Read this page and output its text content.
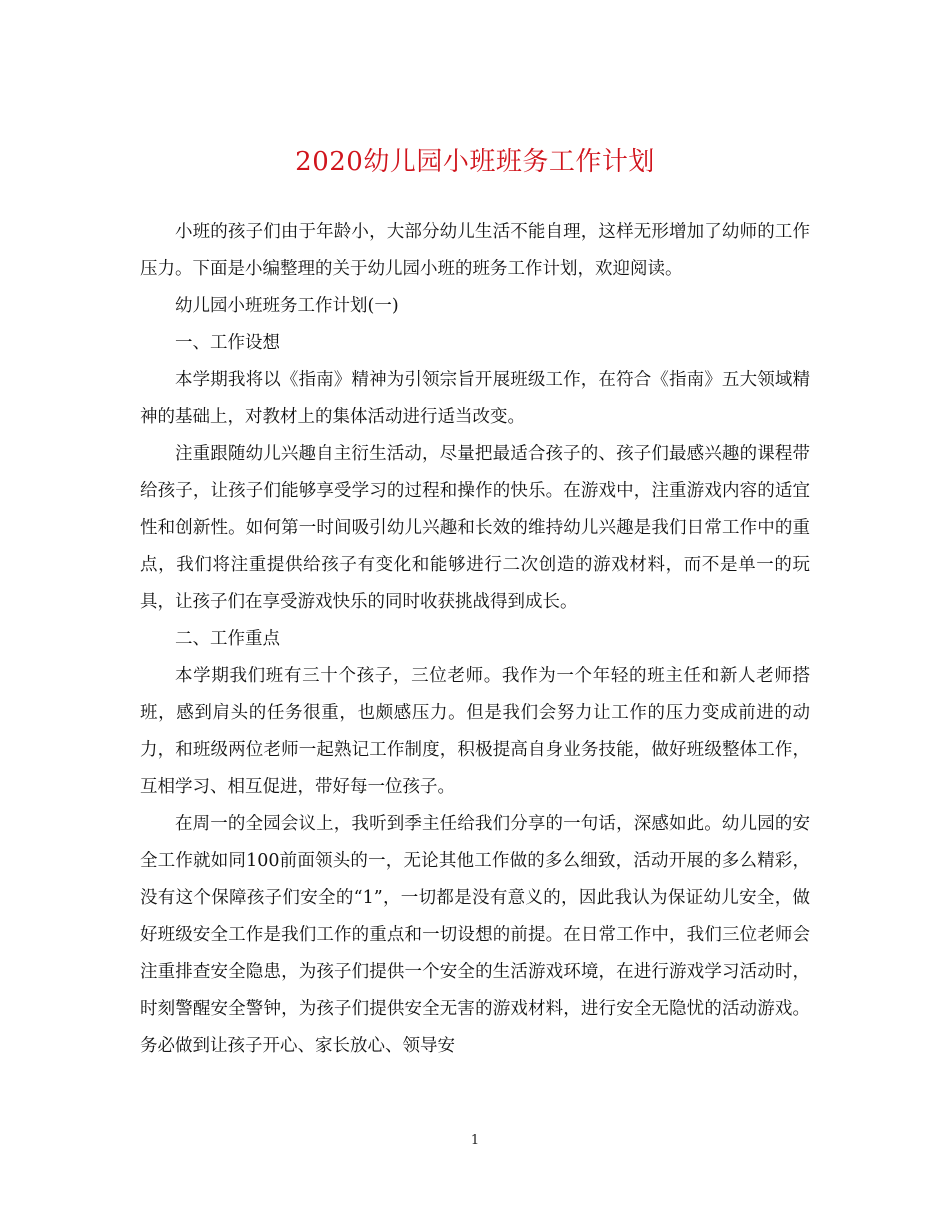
2020幼儿园小班班务工作计划

小班的孩子们由于年龄小，大部分幼儿生活不能自理，这样无形增加了幼师的工作压力。下面是小编整理的关于幼儿园小班的班务工作计划，欢迎阅读。

幼儿园小班班务工作计划(一)

一、工作设想

本学期我将以《指南》精神为引领宗旨开展班级工作，在符合《指南》五大领域精神的基础上，对教材上的集体活动进行适当改变。

注重跟随幼儿兴趣自主衍生活动，尽量把最适合孩子的、孩子们最感兴趣的课程带给孩子，让孩子们能够享受学习的过程和操作的快乐。在游戏中，注重游戏内容的适宜性和创新性。如何第一时间吸引幼儿兴趣和长效的维持幼儿兴趣是我们日常工作中的重点，我们将注重提供给孩子有变化和能够进行二次创造的游戏材料，而不是单一的玩具，让孩子们在享受游戏快乐的同时收获挑战得到成长。

二、工作重点

本学期我们班有三十个孩子，三位老师。我作为一个年轻的班主任和新人老师搭班，感到肩头的任务很重，也颇感压力。但是我们会努力让工作的压力变成前进的动力，和班级两位老师一起熟记工作制度，积极提高自身业务技能，做好班级整体工作，互相学习、相互促进，带好每一位孩子。

在周一的全园会议上，我听到季主任给我们分享的一句话，深感如此。幼儿园的安全工作就如同100前面领头的一，无论其他工作做的多么细致，活动开展的多么精彩，没有这个保障孩子们安全的“1”，一切都是没有意义的，因此我认为保证幼儿安全，做好班级安全工作是我们工作的重点和一切设想的前提。在日常工作中，我们三位老师会注重排查安全隐患，为孩子们提供一个安全的生活游戏环境，在进行游戏学习活动时，时刻警醒安全警钟，为孩子们提供安全无害的游戏材料，进行安全无隐忧的活动游戏。务必做到让孩子开心、家长放心、领导安

1
